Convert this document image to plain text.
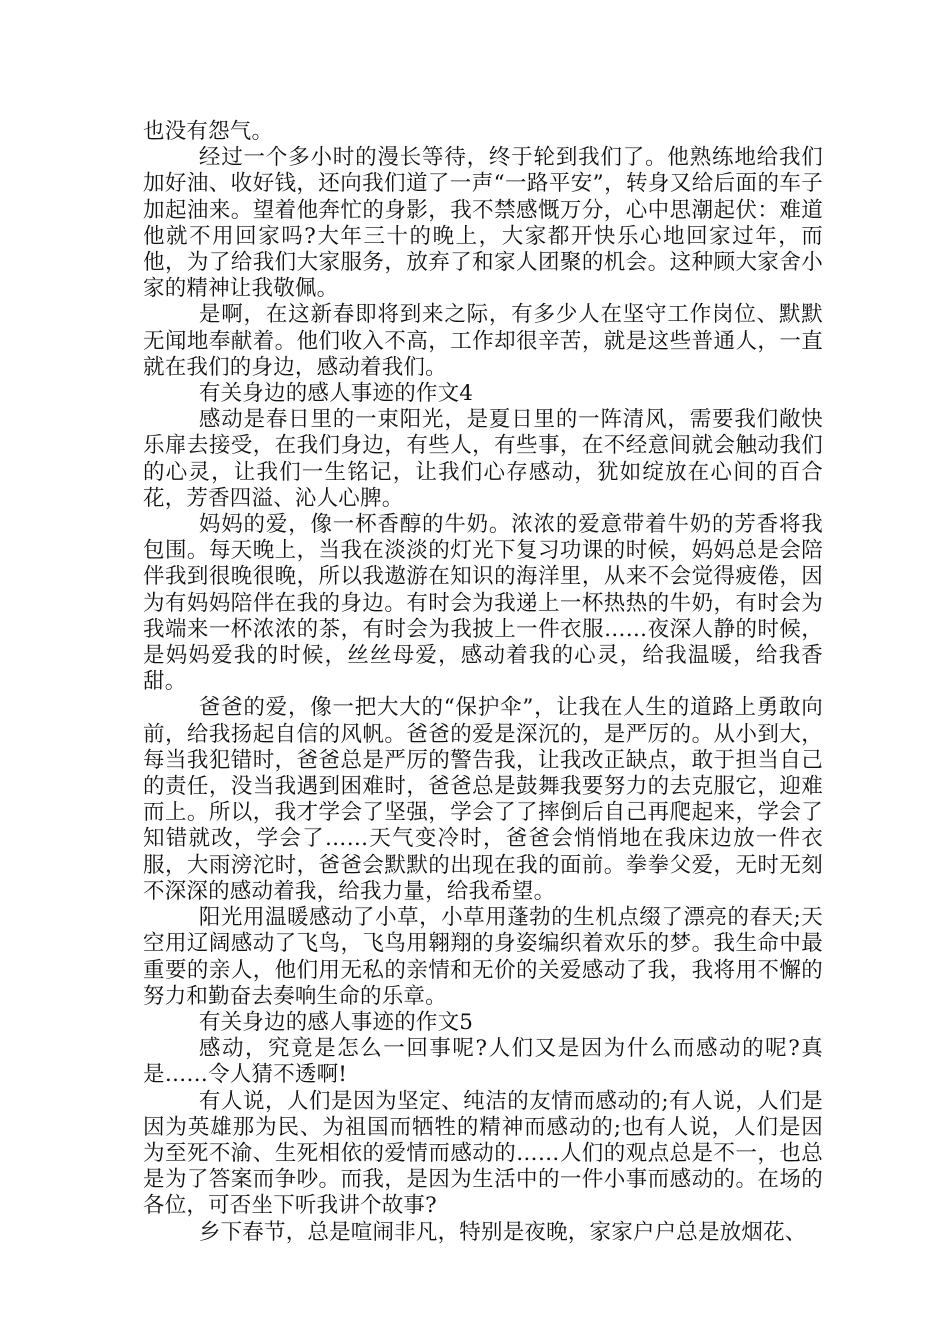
也没有怨气。

经过一个多小时的漫长等待，终于轮到我们了。他熟练地给我们加好油、收好钱，还向我们道了一声“一路平安”，转身又给后面的车子加起油来。望着他奔忙的身影，我不禁感慨万分，心中思潮起伏：难道他就不用回家吗?大年三十的晚上，大家都开快乐心地回家过年，而他，为了给我们大家服务，放弃了和家人团聚的机会。这种顾大家舍小家的精神让我敬佩。

是啊，在这新春即将到来之际，有多少人在坚守工作岗位、默默无闻地奉献着。他们收入不高，工作却很辛苦，就是这些普通人，一直就在我们的身边，感动着我们。

有关身边的感人事迹的作文4

感动是春日里的一束阳光，是夏日里的一阵清风，需要我们敞快乐扉去接受，在我们身边，有些人，有些事，在不经意间就会触动我们的心灵，让我们一生铭记，让我们心存感动，犹如绽放在心间的百合花，芳香四溢、沁人心脾。

妈妈的爱，像一杯香醇的牛奶。浓浓的爱意带着牛奶的芳香将我包围。每天晚上，当我在淡淡的灯光下复习功课的时候，妈妈总是会陪伴我到很晚很晚，所以我遨游在知识的海洋里，从来不会觉得疲倦，因为有妈妈陪伴在我的身边。有时会为我递上一杯热热的牛奶，有时会为我端来一杯浓浓的茶，有时会为我披上一件衣服……夜深人静的时候，是妈妈爱我的时候，丝丝母爱，感动着我的心灵，给我温暖，给我香甜。

爸爸的爱，像一把大大的“保护伞”，让我在人生的道路上勇敢向前，给我扬起自信的风帆。爸爸的爱是深沉的，是严厉的。从小到大，每当我犯错时，爸爸总是严厉的警告我，让我改正缺点，敢于担当自己的责任，没当我遇到困难时，爸爸总是鼓舞我要努力的去克服它，迎难而上。所以，我才学会了坚强，学会了了摔倒后自己再爬起来，学会了知错就改，学会了……天气变冷时，爸爸会悄悄地在我床边放一件衣服，大雨滂沱时，爸爸会默默的出现在我的面前。拳拳父爱，无时无刻不深深的感动着我，给我力量，给我希望。

阳光用温暖感动了小草，小草用蓬勃的生机点缀了漂亮的春天;天空用辽阔感动了飞鸟，飞鸟用翱翔的身姿编织着欢乐的梦。我生命中最重要的亲人，他们用无私的亲情和无价的关爱感动了我，我将用不懈的努力和勤奋去奏响生命的乐章。

有关身边的感人事迹的作文5

感动，究竟是怎么一回事呢?人们又是因为什么而感动的呢?真是……令人猜不透啊!

有人说，人们是因为坚定、纯洁的友情而感动的;有人说，人们是因为英雄那为民、为祖国而牺牲的精神而感动的;也有人说，人们是因为至死不渝、生死相依的爱情而感动的……人们的观点总是不一，也总是为了答案而争吵。而我，是因为生活中的一件小事而感动的。在场的各位，可否坐下听我讲个故事?

乡下春节，总是喧闹非凡，特别是夜晚，家家户户总是放烟花、
